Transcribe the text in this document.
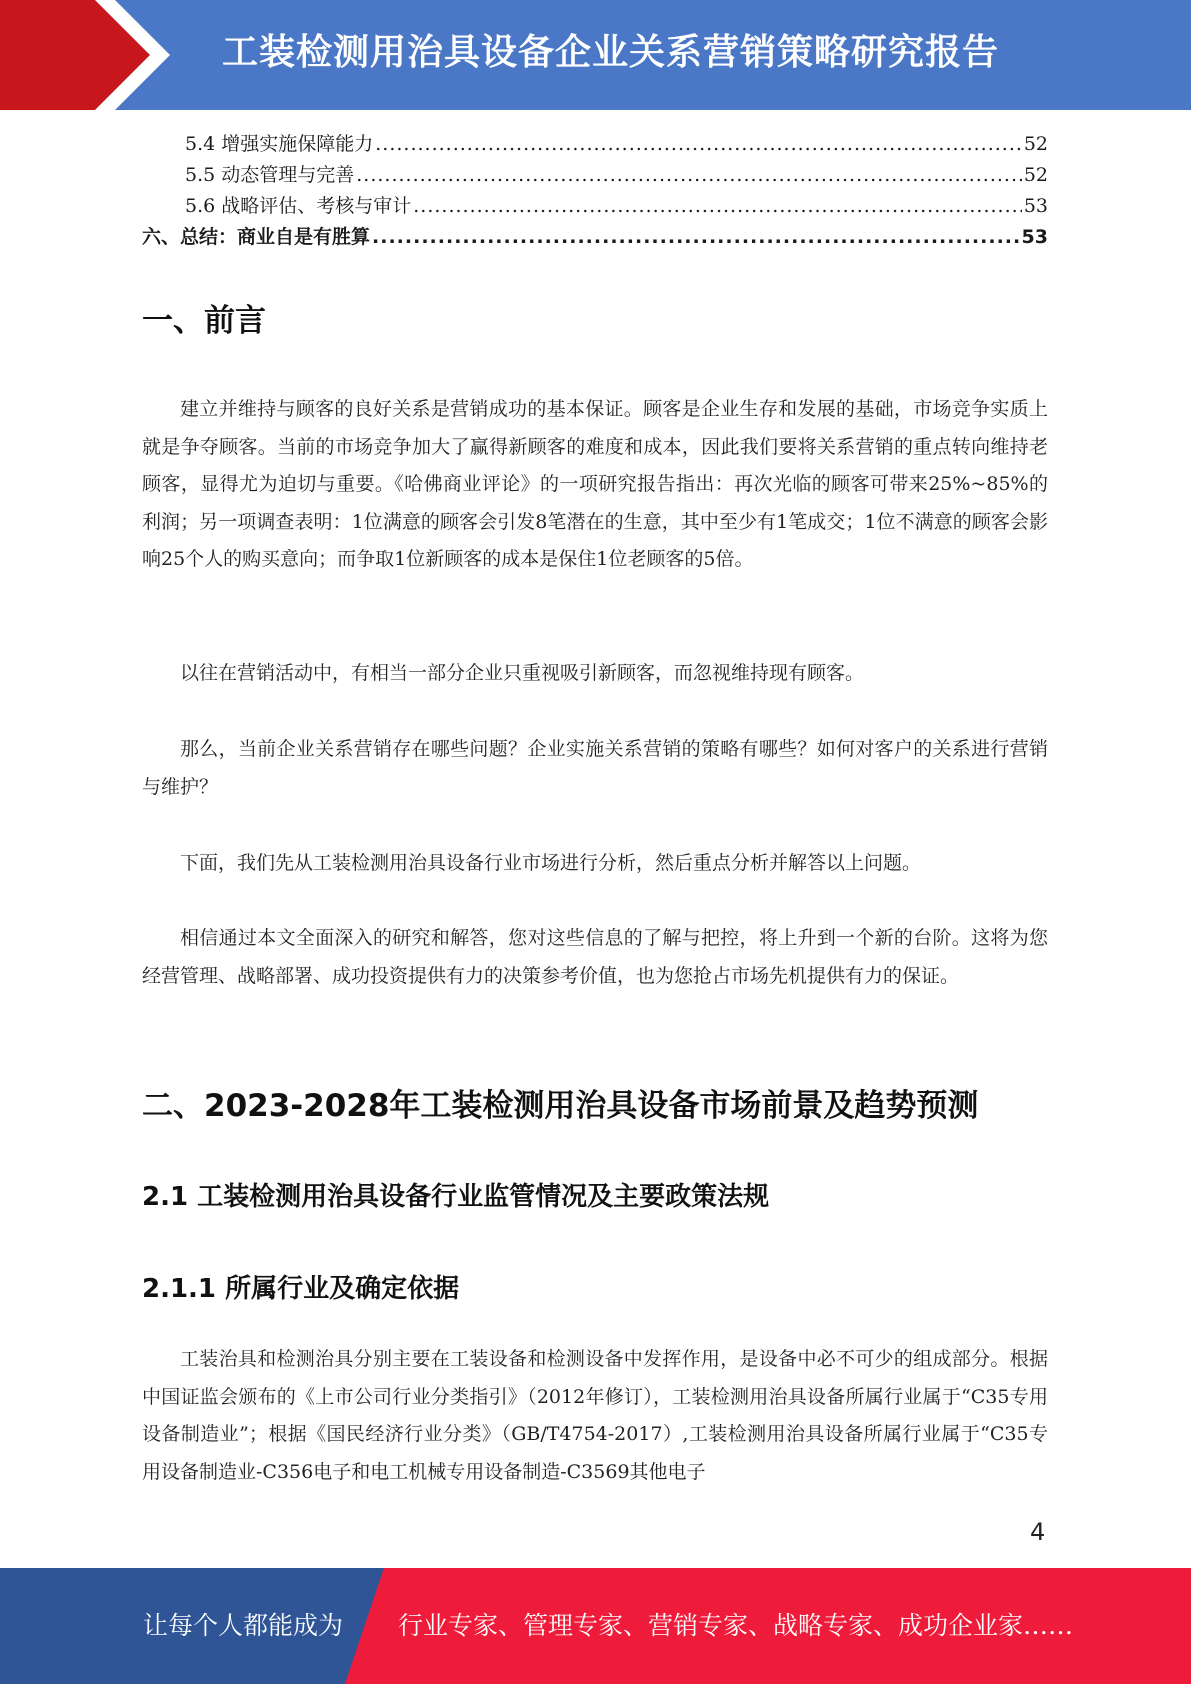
工装检测用治具设备企业关系营销策略研究报告
5.4 增强实施保障能力 .....	52
5.5 动态管理与完善 .....	52
5.6 战略评估、考核与审计 .....	53
六、总结：商业自是有胜算 .....	53
一、前言

建立并维持与顾客的良好关系是营销成功的基本保证。顾客是企业生存和发展的基础，市场竞争实质上就是争夺顾客。当前的市场竞争加大了赢得新顾客的难度和成本，因此我们要将关系营销的重点转向维持老顾客，显得尤为迫切与重要。《哈佛商业评论》的一项研究报告指出：再次光临的顾客可带来25%~85%的利润；另一项调查表明：1位满意的顾客会引发8笔潜在的生意，其中至少有1笔成交；1位不满意的顾客会影响25个人的购买意向；而争取1位新顾客的成本是保住1位老顾客的5倍。

以往在营销活动中，有相当一部分企业只重视吸引新顾客，而忽视维持现有顾客。

那么，当前企业关系营销存在哪些问题？企业实施关系营销的策略有哪些？如何对客户的关系进行营销与维护？

下面，我们先从工装检测用治具设备行业市场进行分析，然后重点分析并解答以上问题。

相信通过本文全面深入的研究和解答，您对这些信息的了解与把控，将上升到一个新的台阶。这将为您经营管理、战略部署、成功投资提供有力的决策参考价值，也为您抢占市场先机提供有力的保证。

二、2023-2028年工装检测用治具设备市场前景及趋势预测
2.1 工装检测用治具设备行业监管情况及主要政策法规
2.1.1 所属行业及确定依据

工装治具和检测治具分别主要在工装设备和检测设备中发挥作用，是设备中必不可少的组成部分。根据中国证监会颁布的《上市公司行业分类指引》（2012年修订），工装检测用治具设备所属行业属于“C35专用设备制造业”；根据《国民经济行业分类》（GB/T4754-2017）,工装检测用治具设备所属行业属于“C35专用设备制造业-C356电子和电工机械专用设备制造-C3569其他电子

4
让每个人都能成为 行业专家、管理专家、营销专家、战略专家、成功企业家……
